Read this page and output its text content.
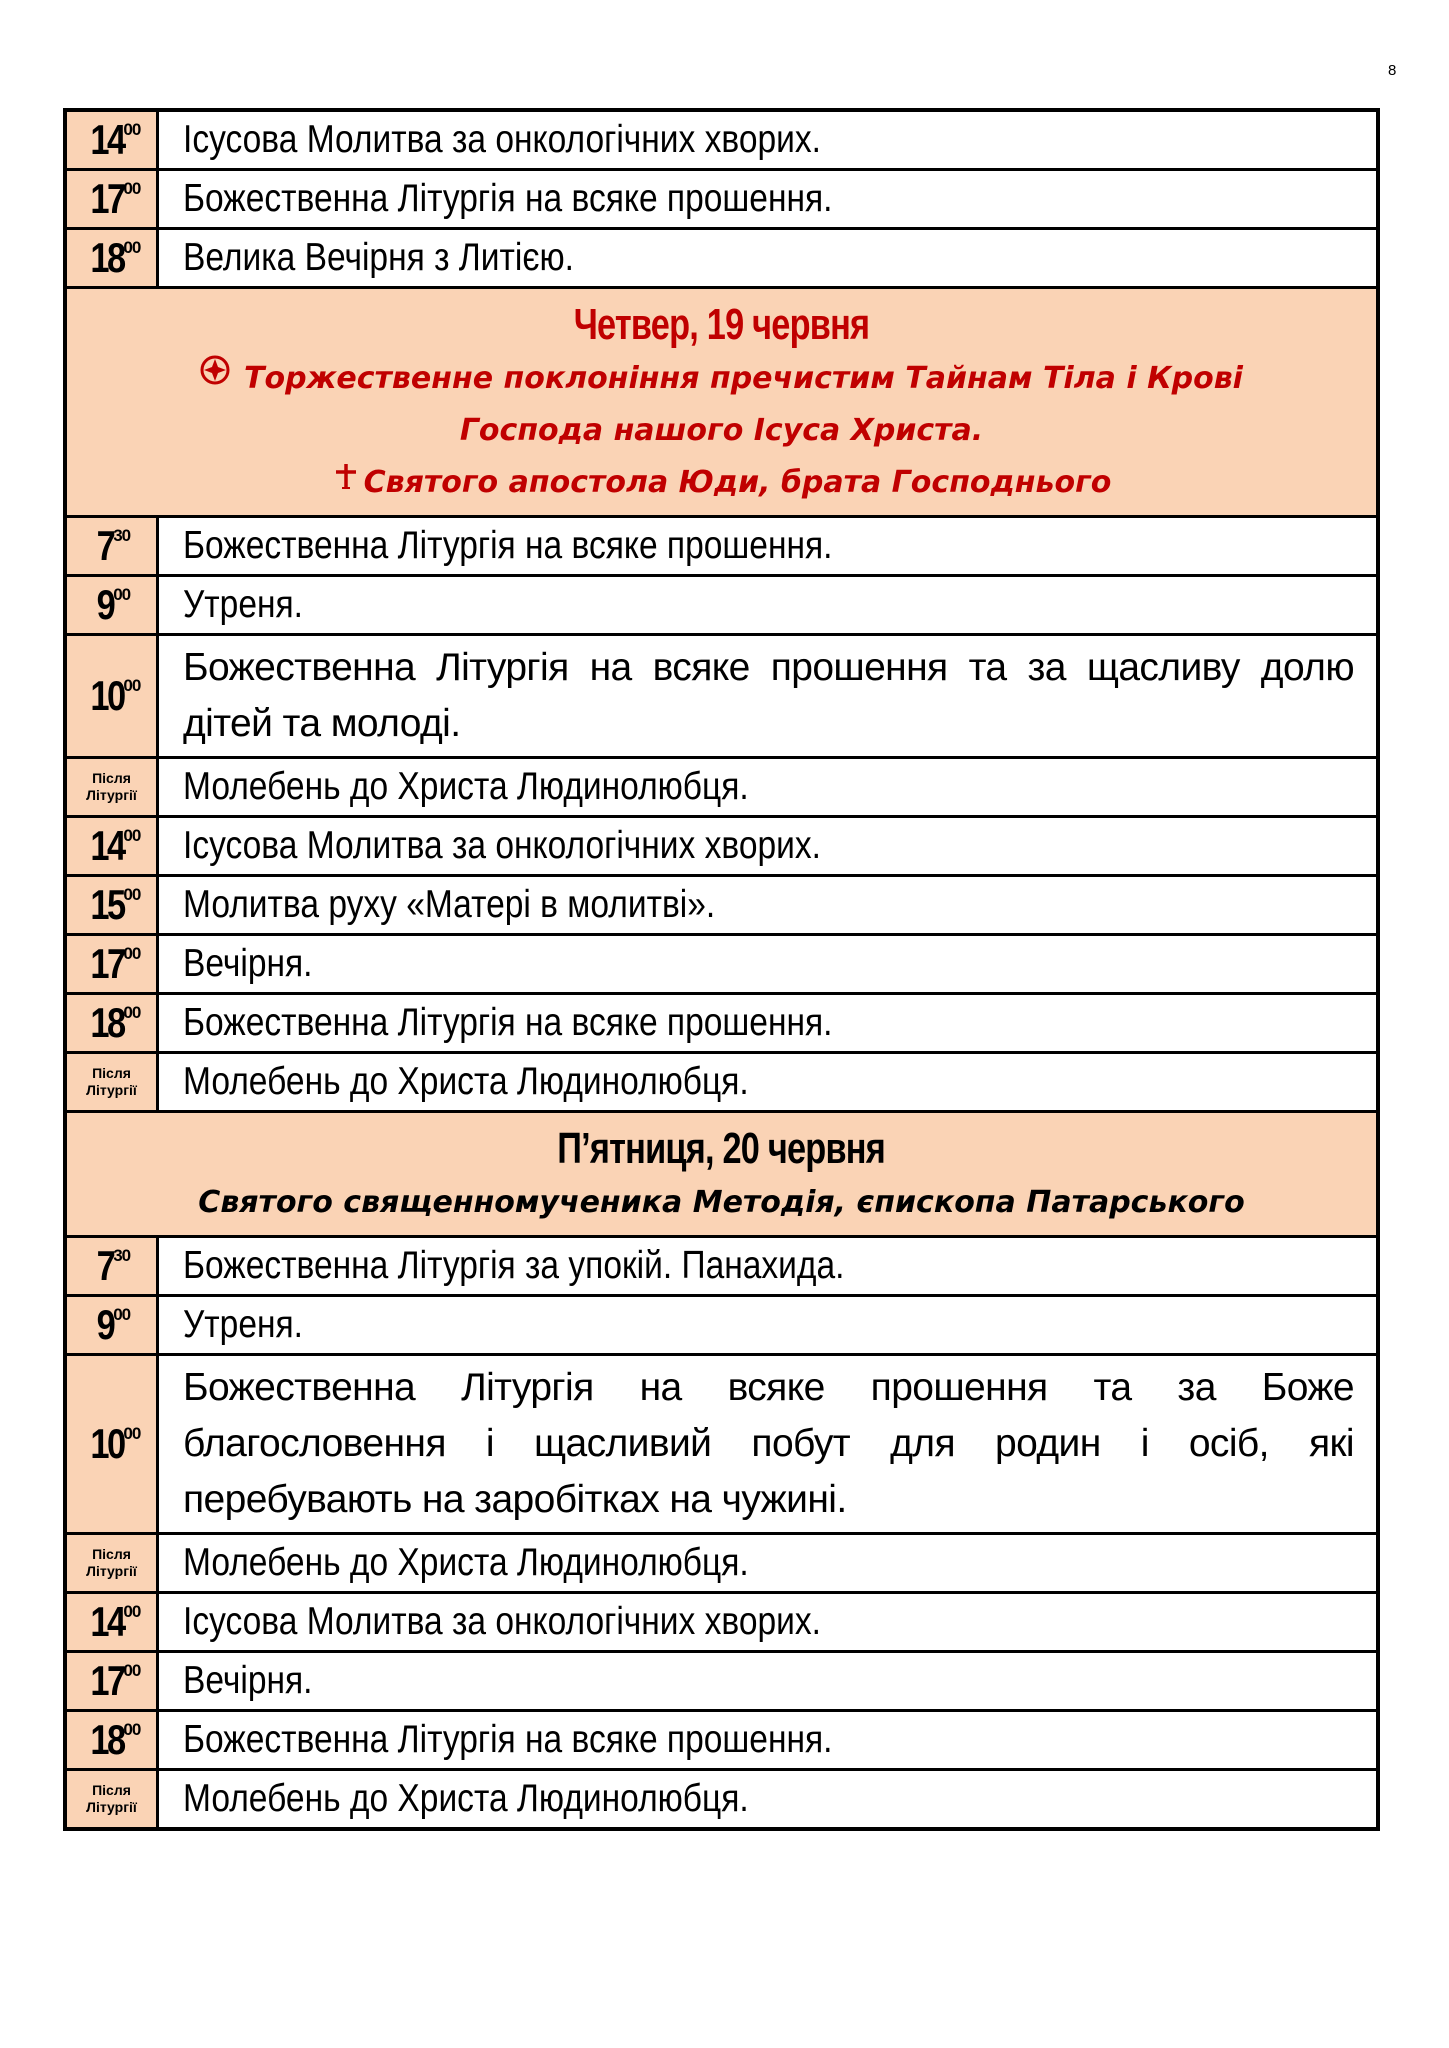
8
1400	Ісусова Молитва за онкологічних хворих.
1700	Божественна Літургія на всяке прошення.
1800	Велика Вечірня з Литією.

Четвер, 19 червня
Торжественне поклоніння пречистим Тайнам Тіла і Крові
Господа нашого Ісуса Христа.
Святого апостола Юди, брата Господнього	

730	Божественна Літургія на всяке прошення.
900	Утреня.
1000	Божественна Літургія на всяке прошення та за щасливу долю дітей та молоді.

Після
Літургії	Молебень до Христа Людинолюбця.
1400	Ісусова Молитва за онкологічних хворих.
1500	Молитва руху «Матері в молитві».
1700	Вечірня.
1800	Божественна Літургія на всяке прошення.

Після
Літургії	Молебень до Христа Людинолюбця.

П’ятниця, 20 червня
Святого священномученика Методія, єпископа Патарського	

730	Божественна Літургія за упокій. Панахида.
900	Утреня.
1000	Божественна Літургія на всяке прошення та за Боже благословення і щасливий побут для родин і осіб, які перебувають на заробітках на чужині.

Після
Літургії	Молебень до Христа Людинолюбця.
1400	Ісусова Молитва за онкологічних хворих.
1700	Вечірня.
1800	Божественна Літургія на всяке прошення.

Після
Літургії	Молебень до Христа Людинолюбця.
